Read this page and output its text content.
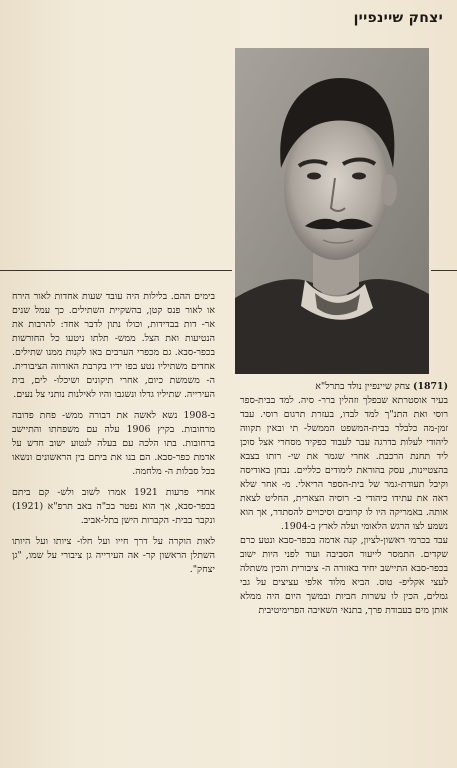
יצחק שיינפיין

(1871) צחק שיינפיין נולד בתרל"א

בעיר אוסטרתא שבפלך וזהלין ברר- סיה. למד בבית-ספר רוסי ואת התנ"ך למד לבדו, בעזרת תרגום רוסי. עבד זמן-מה כלבלר בבית-המשפט הממשל- תי ובאין תקווה ליהודי לעלות בדרגה עבר לעבוד כפקיד מסחרי אצל סוכן ליד תחנת הרכבת. אחרי שגמר את שי- רותו בצבא בהצטיינות, עסק בהוראת לימודים כלליים. נבחן באודיסה וקיבל תעודת-גמר של בית-הספר הריאלי. מ- אחר שלא ראה את עתידו כיהודי ב- רוסיה הצארית, החליט לצאת אותה. באמריקה היו לו קרובים וסיכויים להסתדר, אך הוא נשמע לצו הרגש הלאומי ועלה לארץ ב-1904.

עבד בכרמי ראשון-לציון, קנה אדמה בכפר-סבא ונטע כרם שקדים. התמסר לייעור הסביבה ועוד לפני היות ישוב בכפר-סבא התיישב יחיד באזורה ה- ציבורית והכין משתלה לעצי אקליפ- טוס. הביא מלוד אלפי עציצים על גבי גמלים, הכין לו עשרות חביות ובמשך היום היה ממלא אותן מים בעבודת פרך, בתנאי השאיבה הפרימיטיבית

בימים ההם. בלילות היה עובד שעות אחדות לאור הירח או לאור פנס קטן, בהשקיית השתילים. כך עמל שנים אר- דות בבדידות, וכולו נתון לדבר אחד: להרבות את הנטיעות ואת הצל. ממש- תלתו ניטעו כל החורשות בכפר-סבא. גם מכפרי הערבים באו לקנות ממנו שתילים. אחדים משתיליו נטע בפו ידיו בקרבת האורווה הציבורית. ה- משמשת כיום, אחרי תיקונים ושיכלו- לים, בית העירייה. שתיליו גדלו ונשגבו והיו לאילנות נותני צל נעים.

ב-1908 נשא לאשה את דבורה ממש- פחת פדובה מרחובות. בקיץ 1906 עלה עם משפחתו והתיישב ברחובות. בתו הלכה עם בעלה לנטוע ישוב חדש על אדמת כפר-סבא. הם בנו את ביתם בין הראשונים ונשאו בכל סבלות ה- מלחמה.

אחרי פרעות 1921 אמרו לשוב ולש- קם ביתם בכפר-סבא, אך הוא נפטר בכ"ה באב תרפ"א (1921) ונקבר בבית- הקברות הישן בתל-אביב.

לאות הוקרה על דרך חייו ועל חלו- ציותו ועל היותו השתלן הראשון קר- אה העירייה גן ציבורי על שמו, "גן יצחק".
